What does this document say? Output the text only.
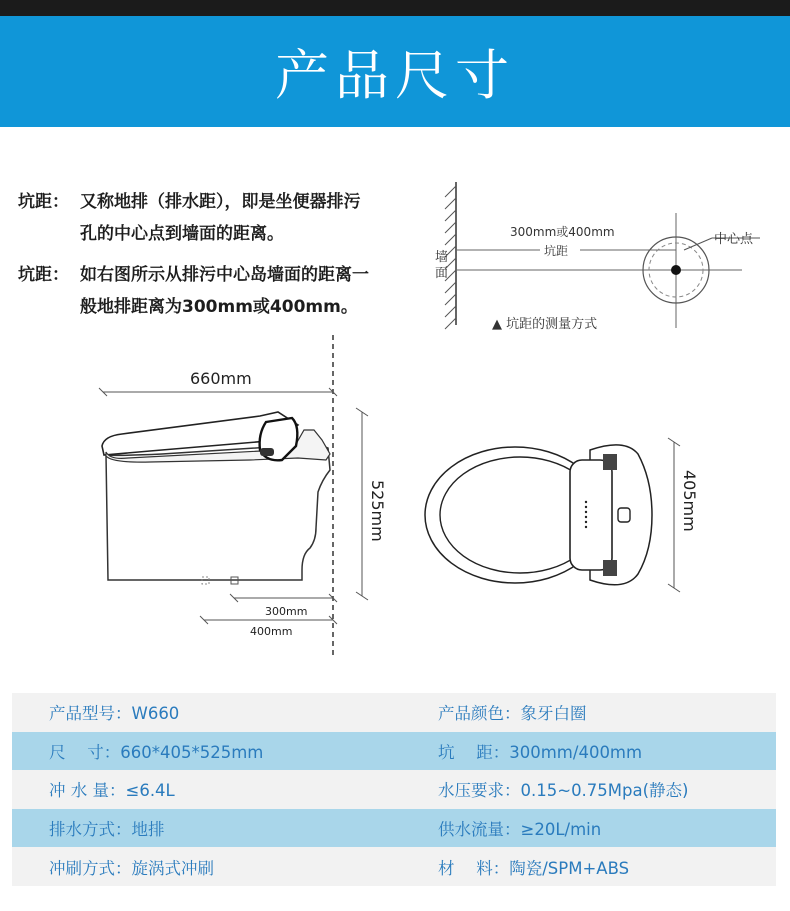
产品尺寸
坑距： 又称地排（排水距），即是坐便器排污
孔的中心点到墙面的距离。
坑距： 如右图所示从排污中心岛墙面的距离一
般地排距离为300mm或400mm。
墙
面
300mm或400mm
坑距
中心点
▲ 坑距的测量方式
660mm
525mm
300mm
400mm
405mm
产品型号：W660	产品颜色：象牙白圈
尺　 寸：660*405*525mm	坑　 距：300mm/400mm
冲 水 量：≤6.4L	水压要求：0.15~0.75Mpa(静态)
排水方式：地排	供水流量：≥20L/min
冲刷方式：旋涡式冲刷	材　 料：陶瓷/SPM+ABS
